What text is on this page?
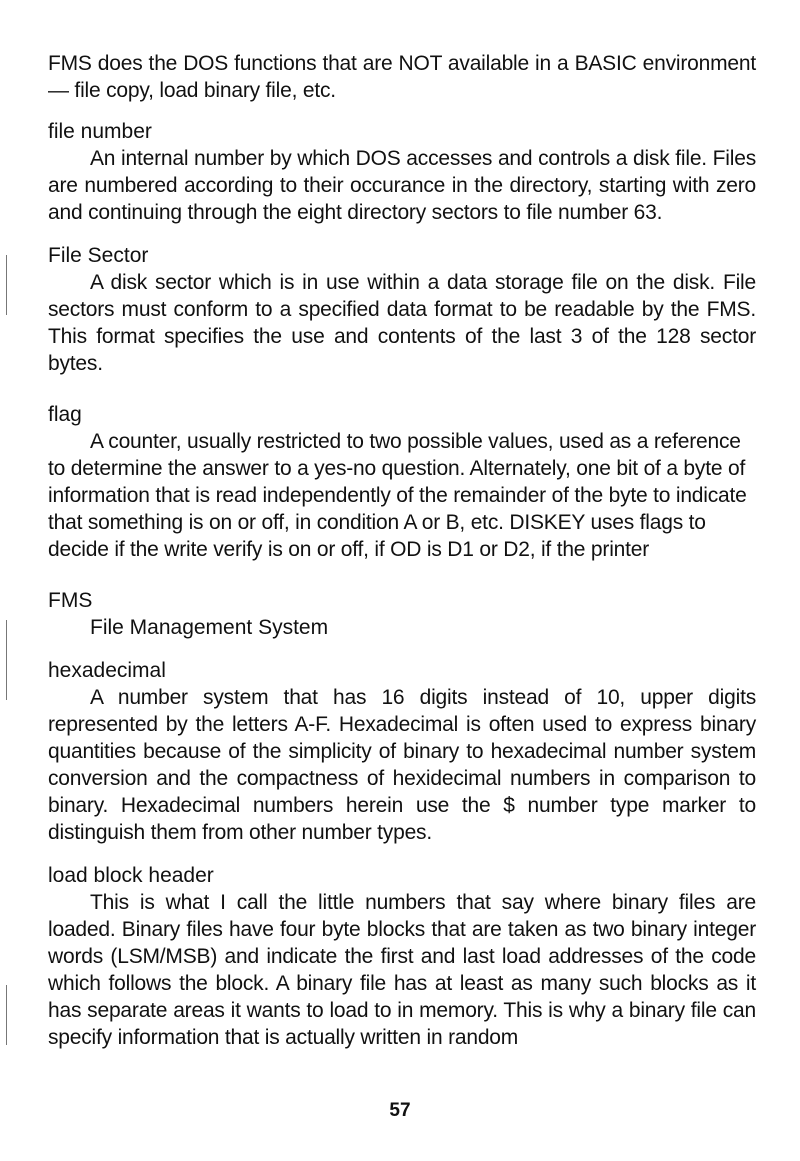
FMS does the DOS functions that are NOT available in a BASIC environment — file copy, load binary file, etc.

file number

An internal number by which DOS accesses and controls a disk file. Files are numbered according to their occurance in the directory, starting with zero and continuing through the eight directory sectors to file number 63.

File Sector

A disk sector which is in use within a data storage file on the disk. File sectors must conform to a specified data format to be readable by the FMS. This format specifies the use and contents of the last 3 of the 128 sector bytes.

flag

A counter, usually restricted to two possible values, used as a reference to determine the answer to a yes-no question. Alternately, one bit of a byte of information that is read independently of the remainder of the byte to indicate that something is on or off, in condition A or B, etc. DISKEY uses flags to decide if the write verify is on or off, if OD is D1 or D2, if the printer

FMS

File Management System

hexadecimal

A number system that has 16 digits instead of 10, upper digits represented by the letters A-F. Hexadecimal is often used to express binary quantities because of the simplicity of binary to hexadecimal number system conversion and the compactness of hexidecimal numbers in comparison to binary. Hexadecimal numbers herein use the $ number type marker to distinguish them from other number types.

load block header

This is what I call the little numbers that say where binary files are loaded. Binary files have four byte blocks that are taken as two binary integer words (LSM/MSB) and indicate the first and last load addresses of the code which follows the block. A binary file has at least as many such blocks as it has separate areas it wants to load to in memory. This is why a binary file can specify information that is actually written in random

57
